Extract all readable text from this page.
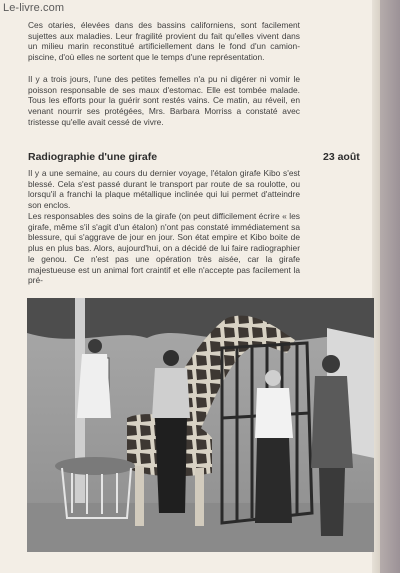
Le-livre.com

Ces otaries, élevées dans des bassins californiens, sont facilement sujettes aux maladies. Leur fragilité provient du fait qu'elles vivent dans un milieu marin reconstitué artificiellement dans le fond d'un camion-piscine, d'où elles ne sortent que le temps d'une représentation.

Il y a trois jours, l'une des petites femelles n'a pu ni digérer ni vomir le poisson responsable de ses maux d'estomac. Elle est tombée malade. Tous les efforts pour la guérir sont restés vains. Ce matin, au réveil, en venant nourrir ses protégées, Mrs. Barbara Morriss a constaté avec tristesse qu'elle avait cessé de vivre.

Radiographie d'une girafe	23 août

Il y a une semaine, au cours du dernier voyage, l'étalon girafe Kibo s'est blessé. Cela s'est passé durant le transport par route de sa roulotte, ou lorsqu'il a franchi la plaque métallique inclinée qui lui permet d'atteindre son enclos.

Les responsables des soins de la girafe (on peut difficilement écrire « les girafe, même s'il s'agit d'un étalon) n'ont pas constaté immédiatement sa blessure, qui s'aggrave de jour en jour. Son état empire et Kibo boite de plus en plus bas. Alors, aujourd'hui, on a décidé de lui faire radiographier le genou. Ce n'est pas une opération très aisée, car la girafe majestueuse est un animal fort craintif et elle n'accepte pas facilement la pré-
